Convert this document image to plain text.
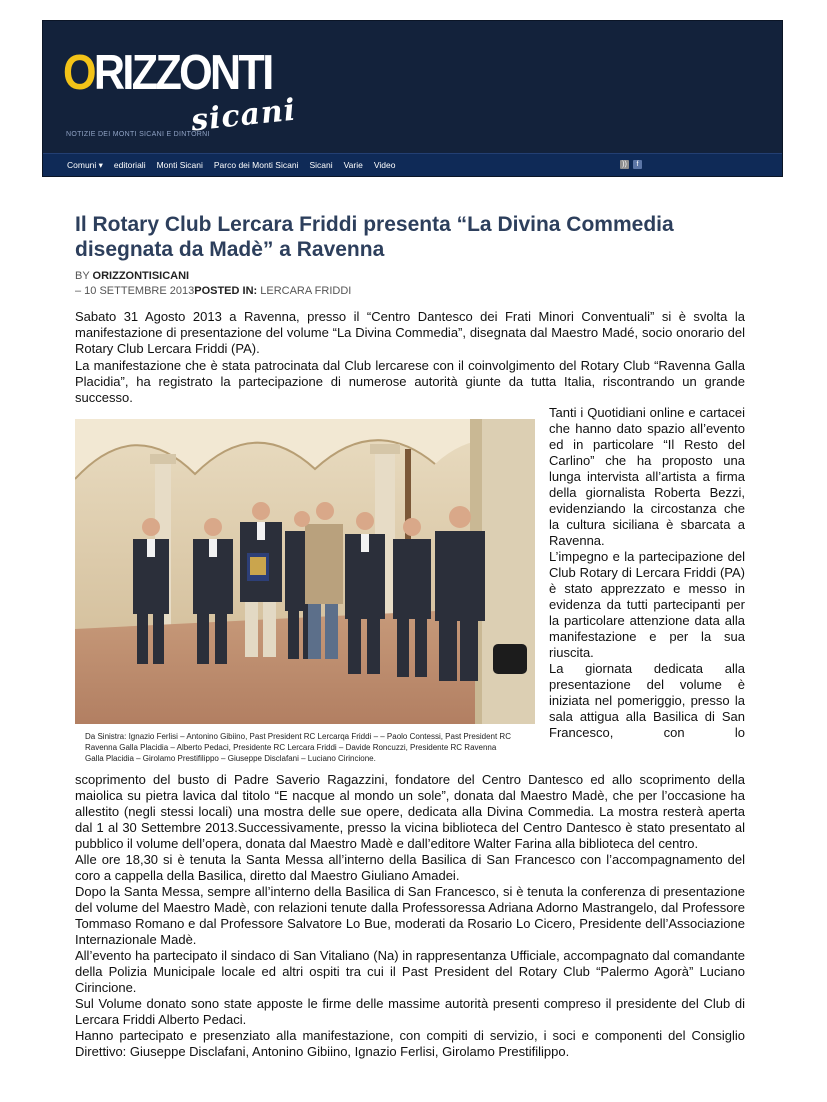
ORIZZONTI
sicani
NOTIZIE DEI MONTI SICANI E DINTORNI
Comuni ▾ editoriali Monti Sicani Parco dei Monti Sicani Sicani Varie Video	))	f
Il Rotary Club Lercara Friddi presenta “La Divina Commedia disegnata da Madè” a Ravenna
BY ORIZZONTISICANI
– 10 SETTEMBRE 2013POSTED IN: LERCARA FRIDDI

Sabato 31 Agosto 2013 a Ravenna, presso il “Centro Dantesco dei Frati Minori Conventuali” si è svolta la manifestazione di presentazione del volume “La Divina Commedia”, disegnata dal Maestro Madé, socio onorario del Rotary Club Lercara Friddi (PA).

La manifestazione che è stata patrocinata dal Club lercarese con il coinvolgimento del Rotary Club “Ravenna Galla Placidia”, ha registrato la partecipazione di numerose autorità giunte da tutta Italia, riscontrando un grande successo.

Da Sinistra: Ignazio Ferlisi – Antonino Gibiino, Past President RC Lercarqa Friddi – – Paolo Contessi, Past President RC Ravenna Galla Placidia – Alberto Pedaci, Presidente RC Lercara Friddi – Davide Roncuzzi, Presidente RC Ravenna Galla Placidia – Girolamo Prestifilippo – Giuseppe Disclafani – Luciano Cirincione.
Tanti i Quotidiani online e cartacei che hanno dato spazio all’evento ed in particolare “Il Resto del Carlino” che ha proposto una lunga intervista all’artista a firma della giornalista Roberta Bezzi, evidenziando la circostanza che la cultura siciliana è sbarcata a Ravenna.
L’impegno e la partecipazione del Club Rotary di Lercara Friddi (PA) è stato apprezzato e messo in evidenza da tutti partecipanti per la particolare attenzione data alla manifestazione e per la sua riuscita.
La giornata dedicata alla presentazione del volume è iniziata nel pomeriggio, presso la sala attigua alla Basilica di San Francesco, con lo
scoprimento del busto di Padre Saverio Ragazzini, fondatore del Centro Dantesco ed allo scoprimento della maiolica su pietra lavica dal titolo “E nacque al mondo un sole”, donata dal Maestro Madè, che per l’occasione ha allestito (negli stessi locali) una mostra delle sue opere, dedicata alla Divina Commedia. La mostra resterà aperta dal 1 al 30 Settembre 2013.Successivamente, presso la vicina biblioteca del Centro Dantesco è stato presentato al pubblico il volume dell’opera, donata dal Maestro Madè e dall’editore Walter Farina alla biblioteca del centro.
Alle ore 18,30 si è tenuta la Santa Messa all’interno della Basilica di San Francesco con l’accompagnamento del coro a cappella della Basilica, diretto dal Maestro Giuliano Amadei.
Dopo la Santa Messa, sempre all’interno della Basilica di San Francesco, si è tenuta la conferenza di presentazione del volume del Maestro Madè, con relazioni tenute dalla Professoressa Adriana Adorno Mastrangelo, dal Professore Tommaso Romano e dal Professore Salvatore Lo Bue, moderati da Rosario Lo Cicero, Presidente dell’Associazione Internazionale Madè.
All’evento ha partecipato il sindaco di San Vitaliano (Na) in rappresentanza Ufficiale, accompagnato dal comandante della Polizia Municipale locale ed altri ospiti tra cui il Past President del Rotary Club “Palermo Agorà” Luciano Cirincione.
Sul Volume donato sono state apposte le firme delle massime autorità presenti compreso il presidente del Club di Lercara Friddi Alberto Pedaci.
Hanno partecipato e presenziato alla manifestazione, con compiti di servizio, i soci e componenti del Consiglio Direttivo: Giuseppe Disclafani, Antonino Gibiino, Ignazio Ferlisi, Girolamo Prestifilippo.
